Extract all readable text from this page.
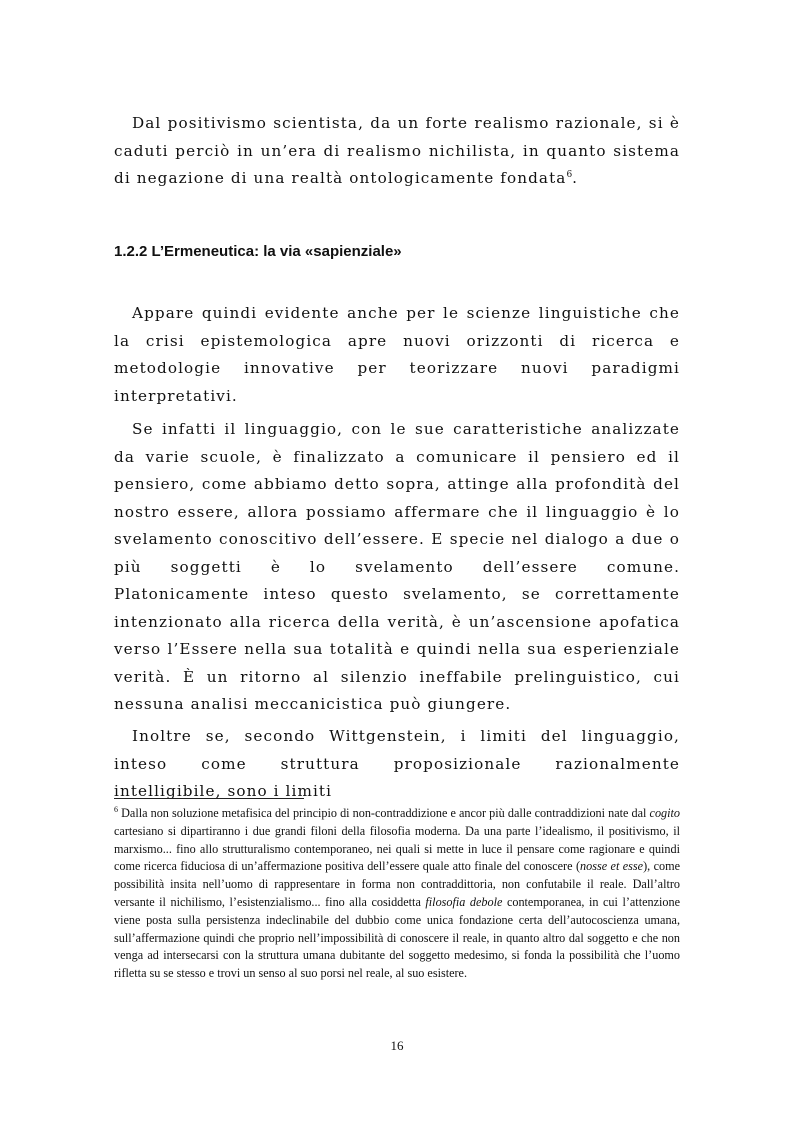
Dal positivismo scientista, da un forte realismo razionale, si è caduti perciò in un’era di realismo nichilista, in quanto sistema di negazione di una realtà ontologicamente fondata$^6$.

1.2.2 L’Ermeneutica: la via «sapienziale»

Appare quindi evidente anche per le scienze linguistiche che la crisi epistemologica apre nuovi orizzonti di ricerca e metodologie innovative per teorizzare nuovi paradigmi interpretativi.

Se infatti il linguaggio, con le sue caratteristiche analizzate da varie scuole, è finalizzato a comunicare il pensiero ed il pensiero, come abbiamo detto sopra, attinge alla profondità del nostro essere, allora possiamo affermare che il linguaggio è lo svelamento conoscitivo dell’essere. E specie nel dialogo a due o più soggetti è lo svelamento dell’essere comune. Platonicamente inteso questo svelamento, se correttamente intenzionato alla ricerca della verità, è un’ascensione apofatica verso l’Essere nella sua totalità e quindi nella sua esperienziale verità. È un ritorno al silenzio ineffabile prelinguistico, cui nessuna analisi meccanicistica può giungere.

Inoltre se, secondo Wittgenstein, i limiti del linguaggio, inteso come struttura proposizionale razionalmente intelligibile, sono i limiti

$^6$ Dalla non soluzione metafisica del principio di non-contraddizione e ancor più dalle contraddizioni nate dal cogito cartesiano si dipartiranno i due grandi filoni della filosofia moderna. Da una parte l’idealismo, il positivismo, il marxismo... fino allo strutturalismo contemporaneo, nei quali si mette in luce il pensare come ragionare e quindi come ricerca fiduciosa di un’affermazione positiva dell’essere quale atto finale del conoscere (nosse et esse), come possibilità insita nell’uomo di rappresentare in forma non contraddittoria, non confutabile il reale. Dall’altro versante il nichilismo, l’esistenzialismo... fino alla cosiddetta filosofia debole contemporanea, in cui l’attenzione viene posta sulla persistenza indeclinabile del dubbio come unica fondazione certa dell’autocoscienza umana, sull’affermazione quindi che proprio nell’impossibilità di conoscere il reale, in quanto altro dal soggetto e che non venga ad intersecarsi con la struttura umana dubitante del soggetto medesimo, si fonda la possibilità che l’uomo rifletta su se stesso e trovi un senso al suo porsi nel reale, al suo esistere.

16
